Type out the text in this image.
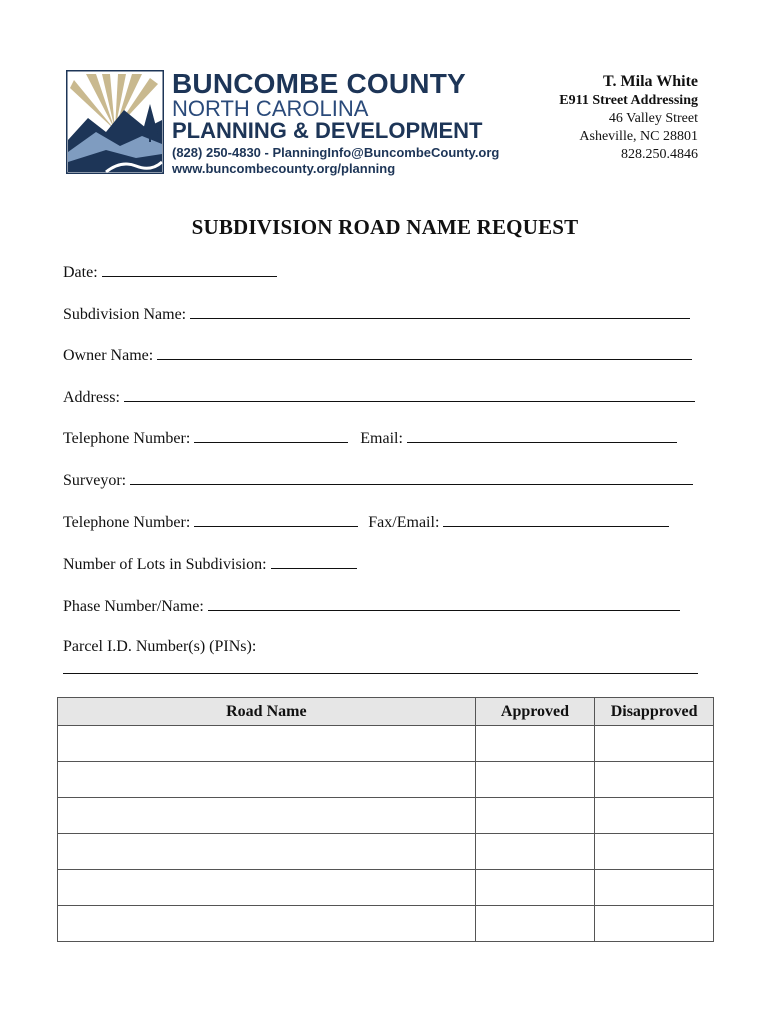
BUNCOMBE COUNTY
NORTH CAROLINA
PLANNING & DEVELOPMENT
(828) 250-4830 - PlanningInfo@BuncombeCounty.org
www.buncombecounty.org/planning
T. Mila White
E911 Street Addressing
46 Valley Street
Asheville, NC 28801
828.250.4846
SUBDIVISION ROAD NAME REQUEST
Date:
Subdivision Name:
Owner Name:
Address:
Telephone Number:	Email:
Surveyor:
Telephone Number:	Fax/Email:
Number of Lots in Subdivision:
Phase Number/Name:
Parcel I.D. Number(s) (PINs):
Road Name	Approved	Disapproved
